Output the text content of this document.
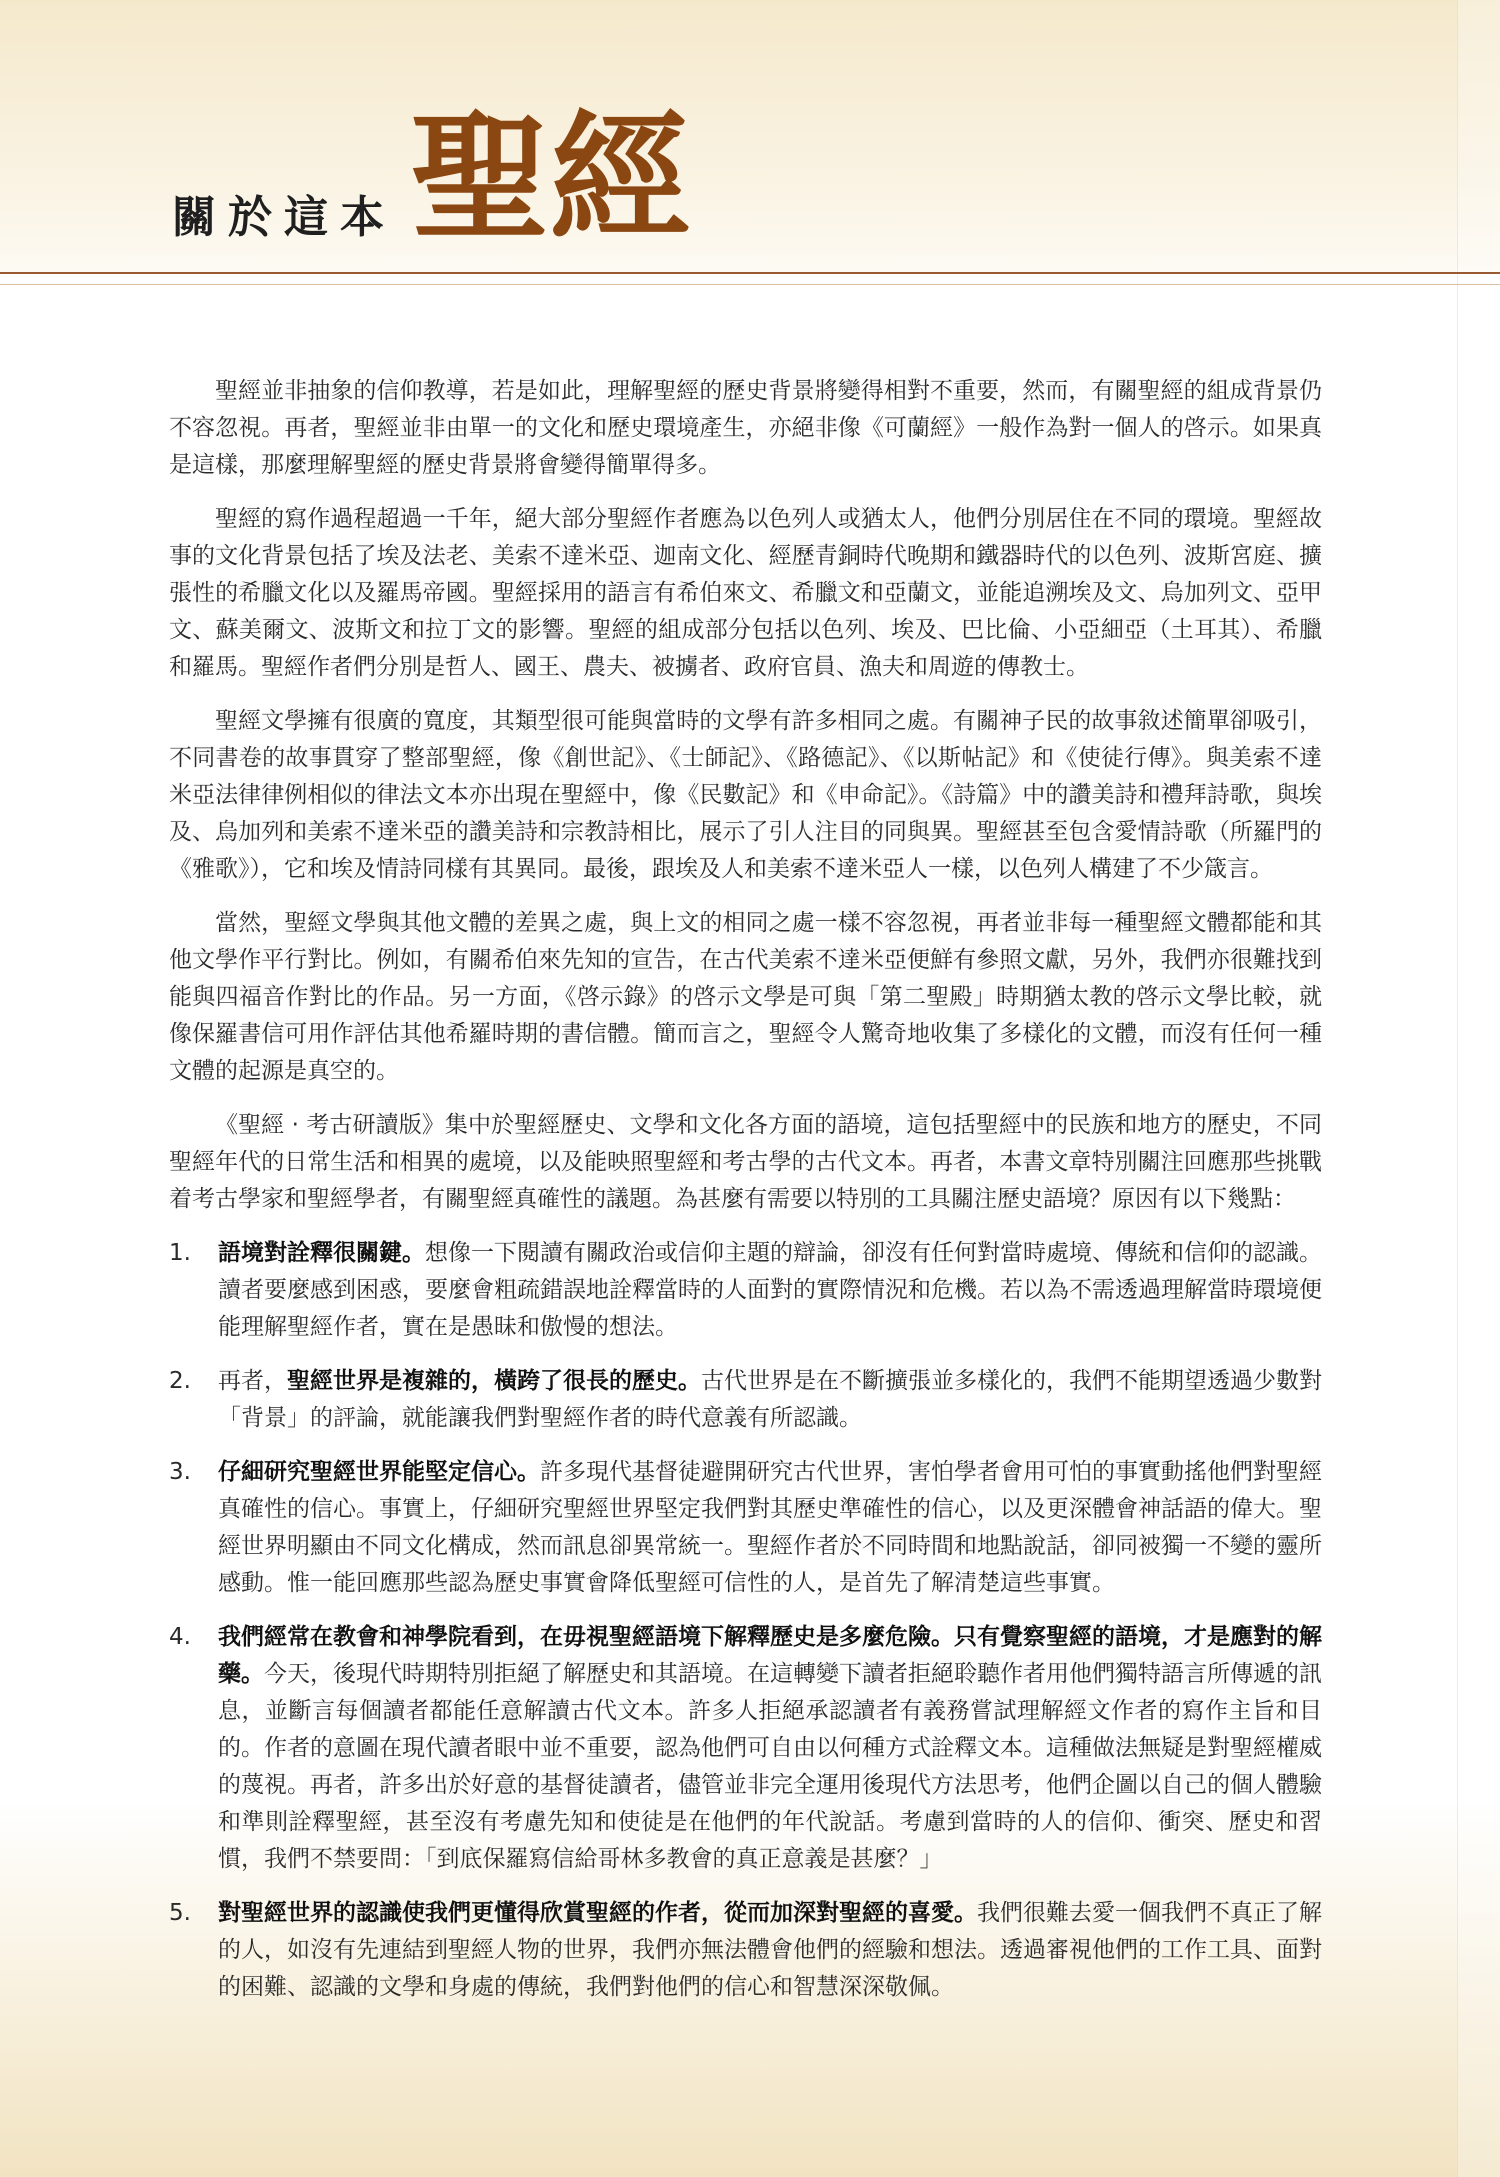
關於這本 聖經

聖經並非抽象的信仰教導，若是如此，理解聖經的歷史背景將變得相對不重要，然而，有關聖經的組成背景仍不容忽視。再者，聖經並非由單一的文化和歷史環境產生，亦絕非像《可蘭經》一般作為對一個人的啓示。如果真是這樣，那麼理解聖經的歷史背景將會變得簡單得多。

聖經的寫作過程超過一千年，絕大部分聖經作者應為以色列人或猶太人，他們分別居住在不同的環境。聖經故事的文化背景包括了埃及法老、美索不達米亞、迦南文化、經歷青銅時代晚期和鐵器時代的以色列、波斯宮庭、擴張性的希臘文化以及羅馬帝國。聖經採用的語言有希伯來文、希臘文和亞蘭文，並能追溯埃及文、烏加列文、亞甲文、蘇美爾文、波斯文和拉丁文的影響。聖經的組成部分包括以色列、埃及、巴比倫、小亞細亞（土耳其）、希臘和羅馬。聖經作者們分別是哲人、國王、農夫、被擄者、政府官員、漁夫和周遊的傳教士。

聖經文學擁有很廣的寬度，其類型很可能與當時的文學有許多相同之處。有關神子民的故事敘述簡單卻吸引，不同書卷的故事貫穿了整部聖經，像《創世記》、《士師記》、《路德記》、《以斯帖記》和《使徒行傳》。與美索不達米亞法律律例相似的律法文本亦出現在聖經中，像《民數記》和《申命記》。《詩篇》中的讚美詩和禮拜詩歌，與埃及、烏加列和美索不達米亞的讚美詩和宗教詩相比，展示了引人注目的同與異。聖經甚至包含愛情詩歌（所羅門的《雅歌》），它和埃及情詩同樣有其異同。最後，跟埃及人和美索不達米亞人一樣，以色列人構建了不少箴言。

當然，聖經文學與其他文體的差異之處，與上文的相同之處一樣不容忽視，再者並非每一種聖經文體都能和其他文學作平行對比。例如，有關希伯來先知的宣告，在古代美索不達米亞便鮮有參照文獻，另外，我們亦很難找到能與四福音作對比的作品。另一方面，《啓示錄》的啓示文學是可與「第二聖殿」時期猶太教的啓示文學比較，就像保羅書信可用作評估其他希羅時期的書信體。簡而言之，聖經令人驚奇地收集了多樣化的文體，而沒有任何一種文體的起源是真空的。

《聖經 · 考古研讀版》集中於聖經歷史、文學和文化各方面的語境，這包括聖經中的民族和地方的歷史，不同聖經年代的日常生活和相異的處境，以及能映照聖經和考古學的古代文本。再者，本書文章特別關注回應那些挑戰着考古學家和聖經學者，有關聖經真確性的議題。為甚麼有需要以特別的工具關注歷史語境？原因有以下幾點：

1.	語境對詮釋很關鍵。想像一下閱讀有關政治或信仰主題的辯論，卻沒有任何對當時處境、傳統和信仰的認識。讀者要麼感到困惑，要麼會粗疏錯誤地詮釋當時的人面對的實際情況和危機。若以為不需透過理解當時環境便能理解聖經作者，實在是愚昧和傲慢的想法。
2.	再者，聖經世界是複雜的，橫跨了很長的歷史。古代世界是在不斷擴張並多樣化的，我們不能期望透過少數對「背景」的評論，就能讓我們對聖經作者的時代意義有所認識。
3.	仔細研究聖經世界能堅定信心。許多現代基督徒避開研究古代世界，害怕學者會用可怕的事實動搖他們對聖經真確性的信心。事實上，仔細研究聖經世界堅定我們對其歷史準確性的信心，以及更深體會神話語的偉大。聖經世界明顯由不同文化構成，然而訊息卻異常統一。聖經作者於不同時間和地點說話，卻同被獨一不變的靈所感動。惟一能回應那些認為歷史事實會降低聖經可信性的人，是首先了解清楚這些事實。
4.	我們經常在教會和神學院看到，在毋視聖經語境下解釋歷史是多麼危險。只有覺察聖經的語境，才是應對的解藥。今天，後現代時期特別拒絕了解歷史和其語境。在這轉變下讀者拒絕聆聽作者用他們獨特語言所傳遞的訊息，並斷言每個讀者都能任意解讀古代文本。許多人拒絕承認讀者有義務嘗試理解經文作者的寫作主旨和目的。作者的意圖在現代讀者眼中並不重要，認為他們可自由以何種方式詮釋文本。這種做法無疑是對聖經權威的蔑視。再者，許多出於好意的基督徒讀者，儘管並非完全運用後現代方法思考，他們企圖以自己的個人體驗和準則詮釋聖經，甚至沒有考慮先知和使徒是在他們的年代說話。考慮到當時的人的信仰、衝突、歷史和習慣，我們不禁要問：「到底保羅寫信給哥林多教會的真正意義是甚麼？」
5.	對聖經世界的認識使我們更懂得欣賞聖經的作者，從而加深對聖經的喜愛。我們很難去愛一個我們不真正了解的人，如沒有先連結到聖經人物的世界，我們亦無法體會他們的經驗和想法。透過審視他們的工作工具、面對的困難、認識的文學和身處的傳統，我們對他們的信心和智慧深深敬佩。
